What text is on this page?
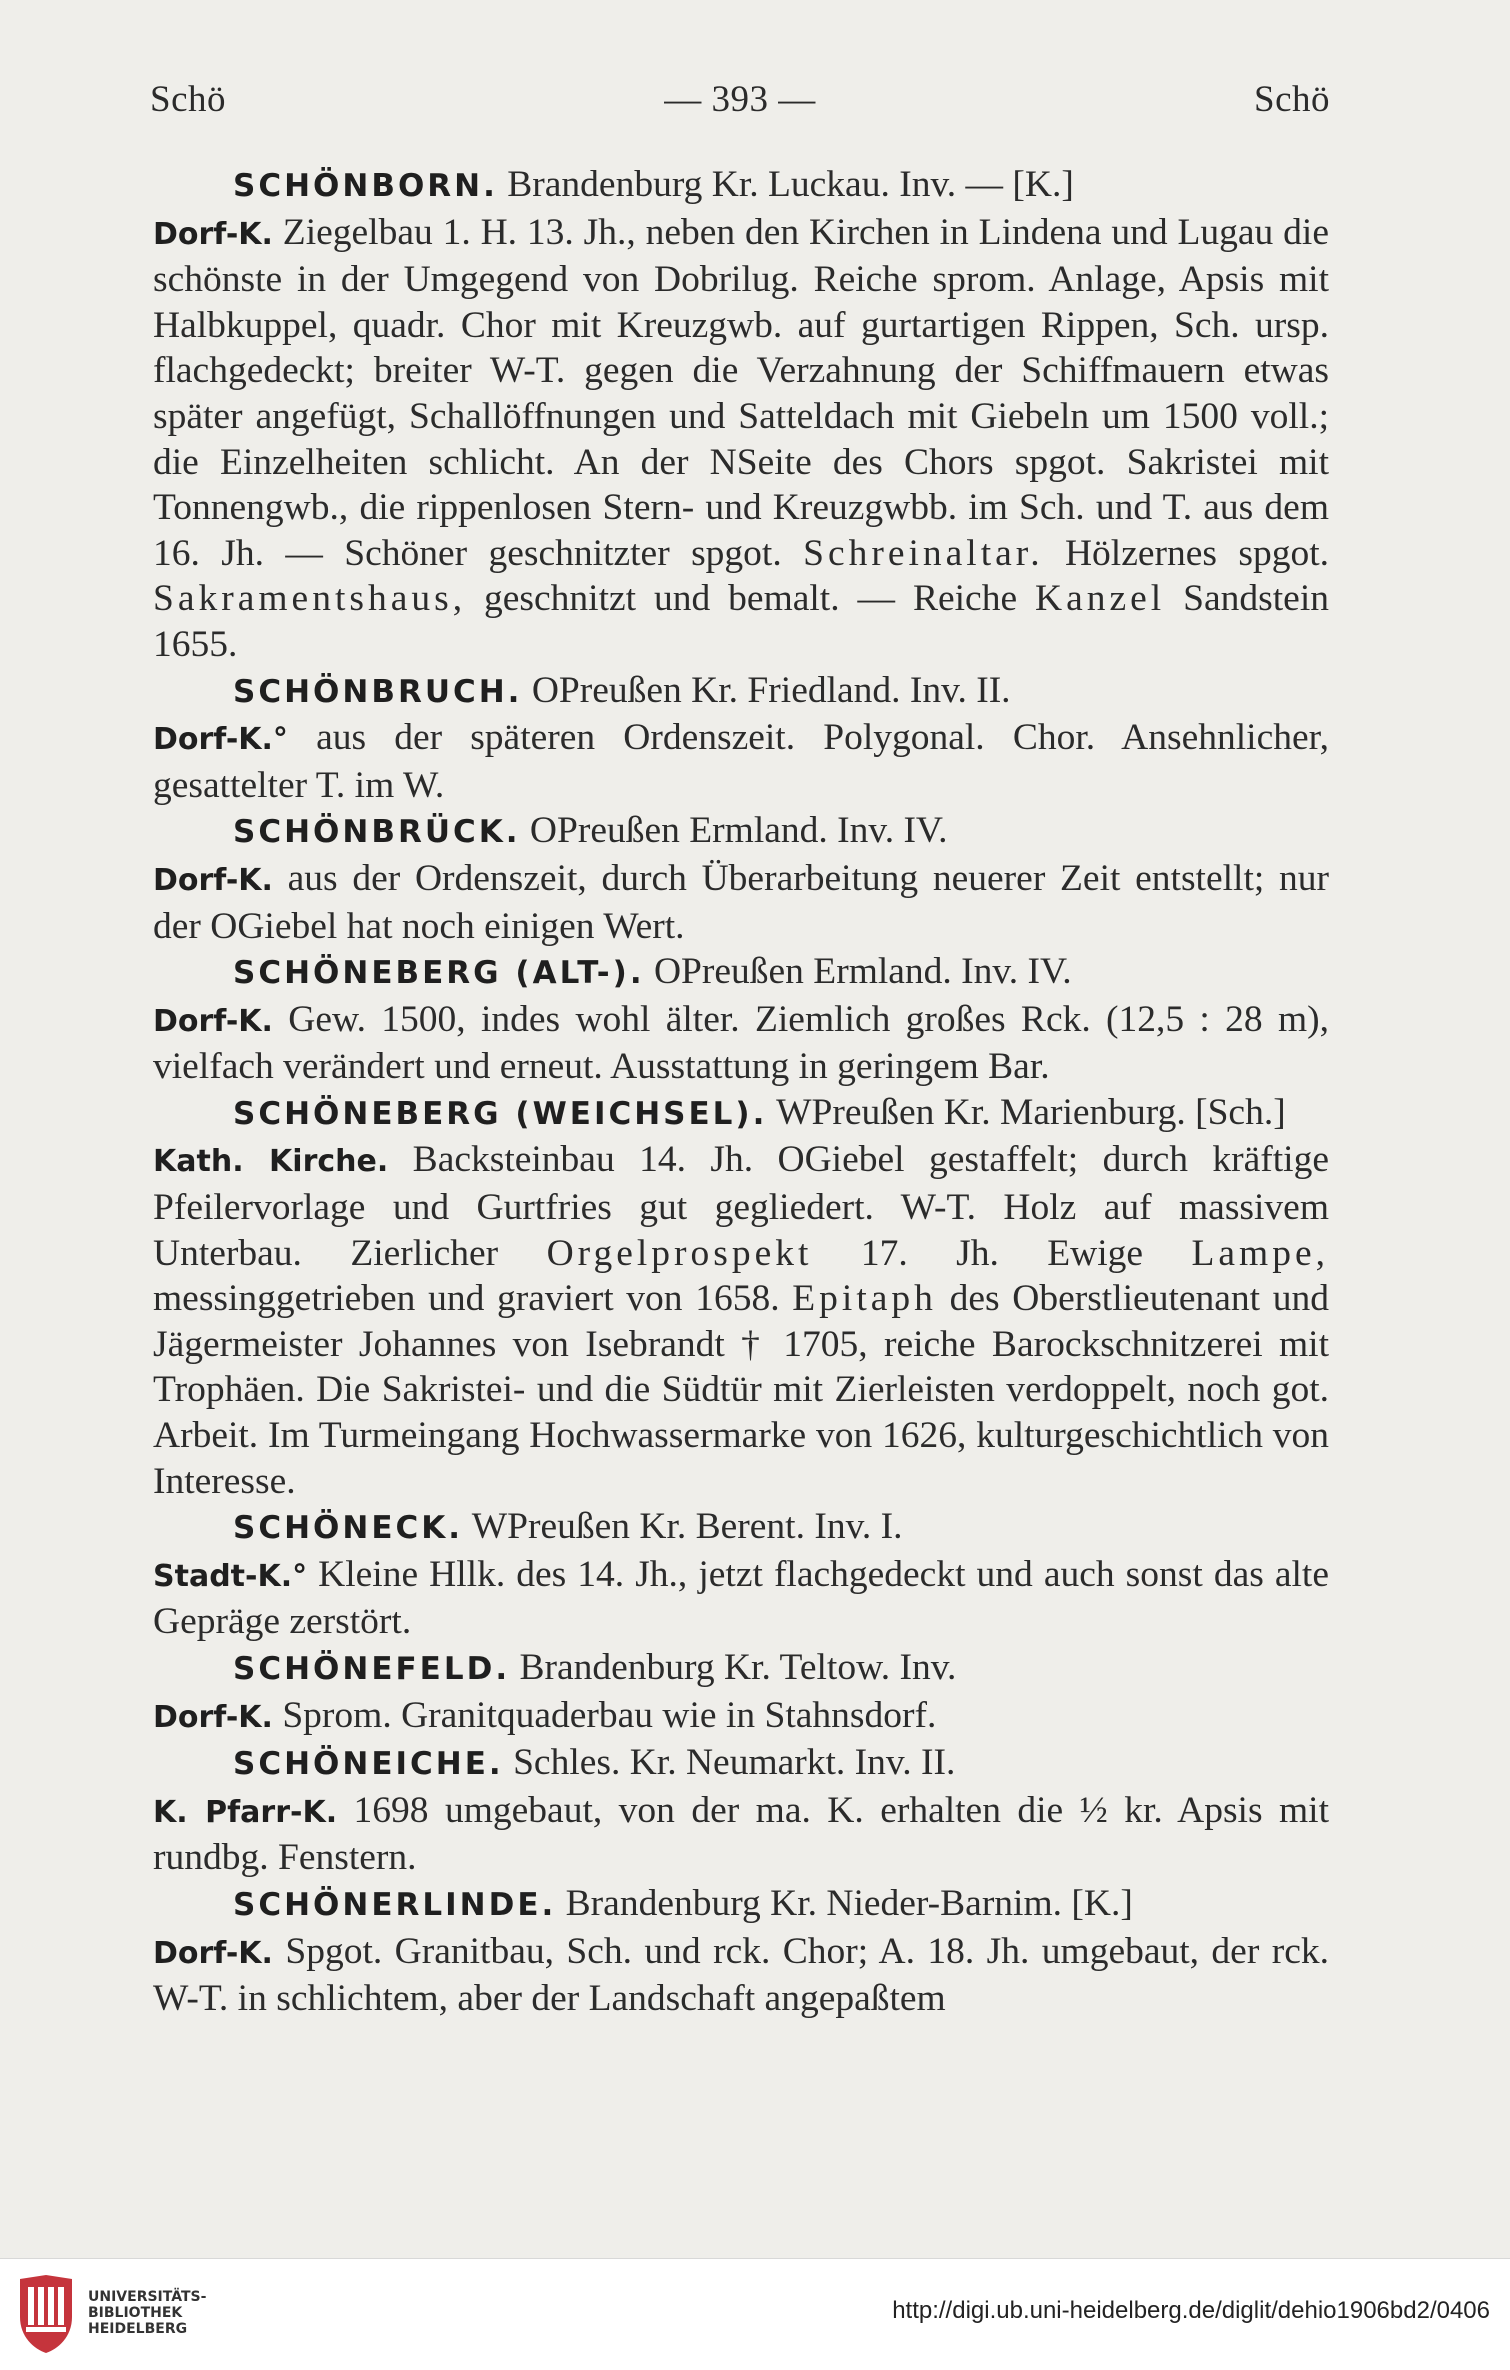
Schö	— 393 —	Schö

SCHÖNBORN. Brandenburg Kr. Luckau. Inv. — [K.]

Dorf-K. Ziegelbau 1. H. 13. Jh., neben den Kirchen in Lindena und Lugau die schönste in der Umgegend von Dobrilug. Reiche sprom. Anlage, Apsis mit Halbkuppel, quadr. Chor mit Kreuzgwb. auf gurtartigen Rippen, Sch. ursp. flachgedeckt; breiter W-T. gegen die Verzahnung der Schiffmauern etwas später angefügt, Schallöffnungen und Satteldach mit Giebeln um 1500 voll.; die Einzelheiten schlicht. An der NSeite des Chors spgot. Sakristei mit Tonnengwb., die rippenlosen Stern- und Kreuzgwbb. im Sch. und T. aus dem 16. Jh. — Schöner geschnitzter spgot. Schreinaltar. Hölzernes spgot. Sakramentshaus, geschnitzt und bemalt. — Reiche Kanzel Sandstein 1655.

SCHÖNBRUCH. OPreußen Kr. Friedland. Inv. II.

Dorf-K.° aus der späteren Ordenszeit. Polygonal. Chor. Ansehnlicher, gesattelter T. im W.

SCHÖNBRÜCK. OPreußen Ermland. Inv. IV.

Dorf-K. aus der Ordenszeit, durch Überarbeitung neuerer Zeit entstellt; nur der OGiebel hat noch einigen Wert.

SCHÖNEBERG (ALT-). OPreußen Ermland. Inv. IV.

Dorf-K. Gew. 1500, indes wohl älter. Ziemlich großes Rck. (12,5 : 28 m), vielfach verändert und erneut. Ausstattung in geringem Bar.

SCHÖNEBERG (WEICHSEL). WPreußen Kr. Marienburg. [Sch.]

Kath. Kirche. Backsteinbau 14. Jh. OGiebel gestaffelt; durch kräftige Pfeilervorlage und Gurtfries gut gegliedert. W-T. Holz auf massivem Unterbau. Zierlicher Orgelprospekt 17. Jh. Ewige Lampe, messinggetrieben und graviert von 1658. Epitaph des Oberstlieutenant und Jägermeister Johannes von Isebrandt † 1705, reiche Barockschnitzerei mit Trophäen. Die Sakristei- und die Südtür mit Zierleisten verdoppelt, noch got. Arbeit. Im Turmeingang Hochwassermarke von 1626, kulturgeschichtlich von Interesse.

SCHÖNECK. WPreußen Kr. Berent. Inv. I.

Stadt-K.° Kleine Hllk. des 14. Jh., jetzt flachgedeckt und auch sonst das alte Gepräge zerstört.

SCHÖNEFELD. Brandenburg Kr. Teltow. Inv.

Dorf-K. Sprom. Granitquaderbau wie in Stahnsdorf.

SCHÖNEICHE. Schles. Kr. Neumarkt. Inv. II.

K. Pfarr-K. 1698 umgebaut, von der ma. K. erhalten die ½ kr. Apsis mit rundbg. Fenstern.

SCHÖNERLINDE. Brandenburg Kr. Nieder-Barnim. [K.]

Dorf-K. Spgot. Granitbau, Sch. und rck. Chor; A. 18. Jh. umgebaut, der rck. W-T. in schlichtem, aber der Landschaft angepaßtem

UNIVERSITÄTS-
BIBLIOTHEK
HEIDELBERG
http://digi.ub.uni-heidelberg.de/diglit/dehio1906bd2/0406
